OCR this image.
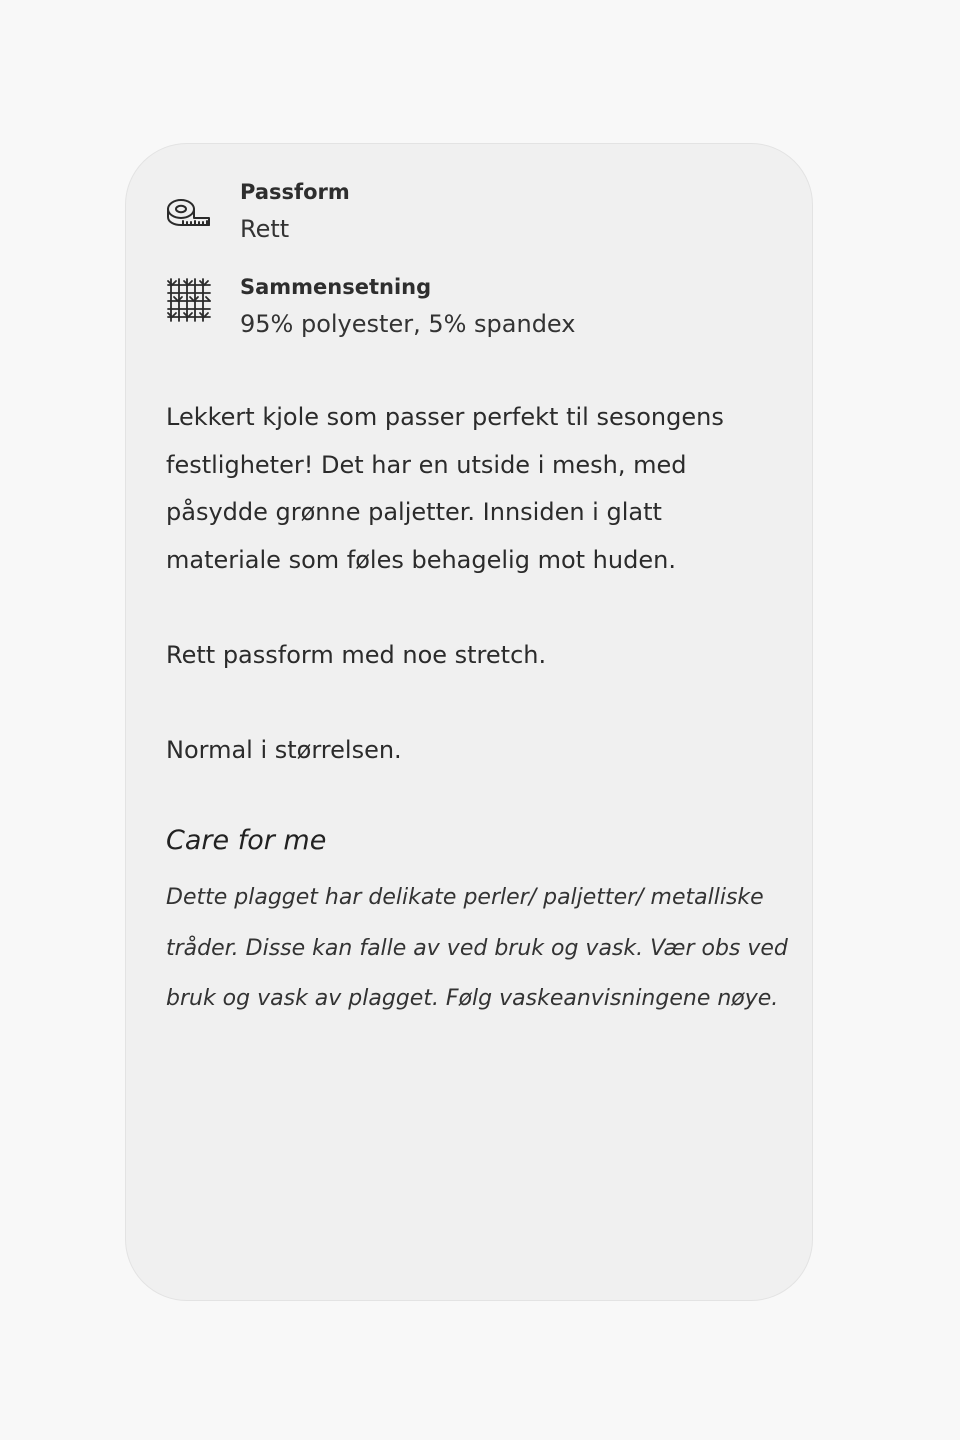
Passform
Rett
Sammensetning
95% polyester, 5% spandex

Lekkert kjole som passer perfekt til sesongens festligheter! Det har en utside i mesh, med påsydde grønne paljetter. Innsiden i glatt materiale som føles behagelig mot huden.

Rett passform med noe stretch.

Normal i størrelsen.

Care for me
Dette plagget har delikate perler/ paljetter/ metalliske tråder. Disse kan falle av ved bruk og vask. Vær obs ved bruk og vask av plagget. Følg vaskeanvisningene nøye.
